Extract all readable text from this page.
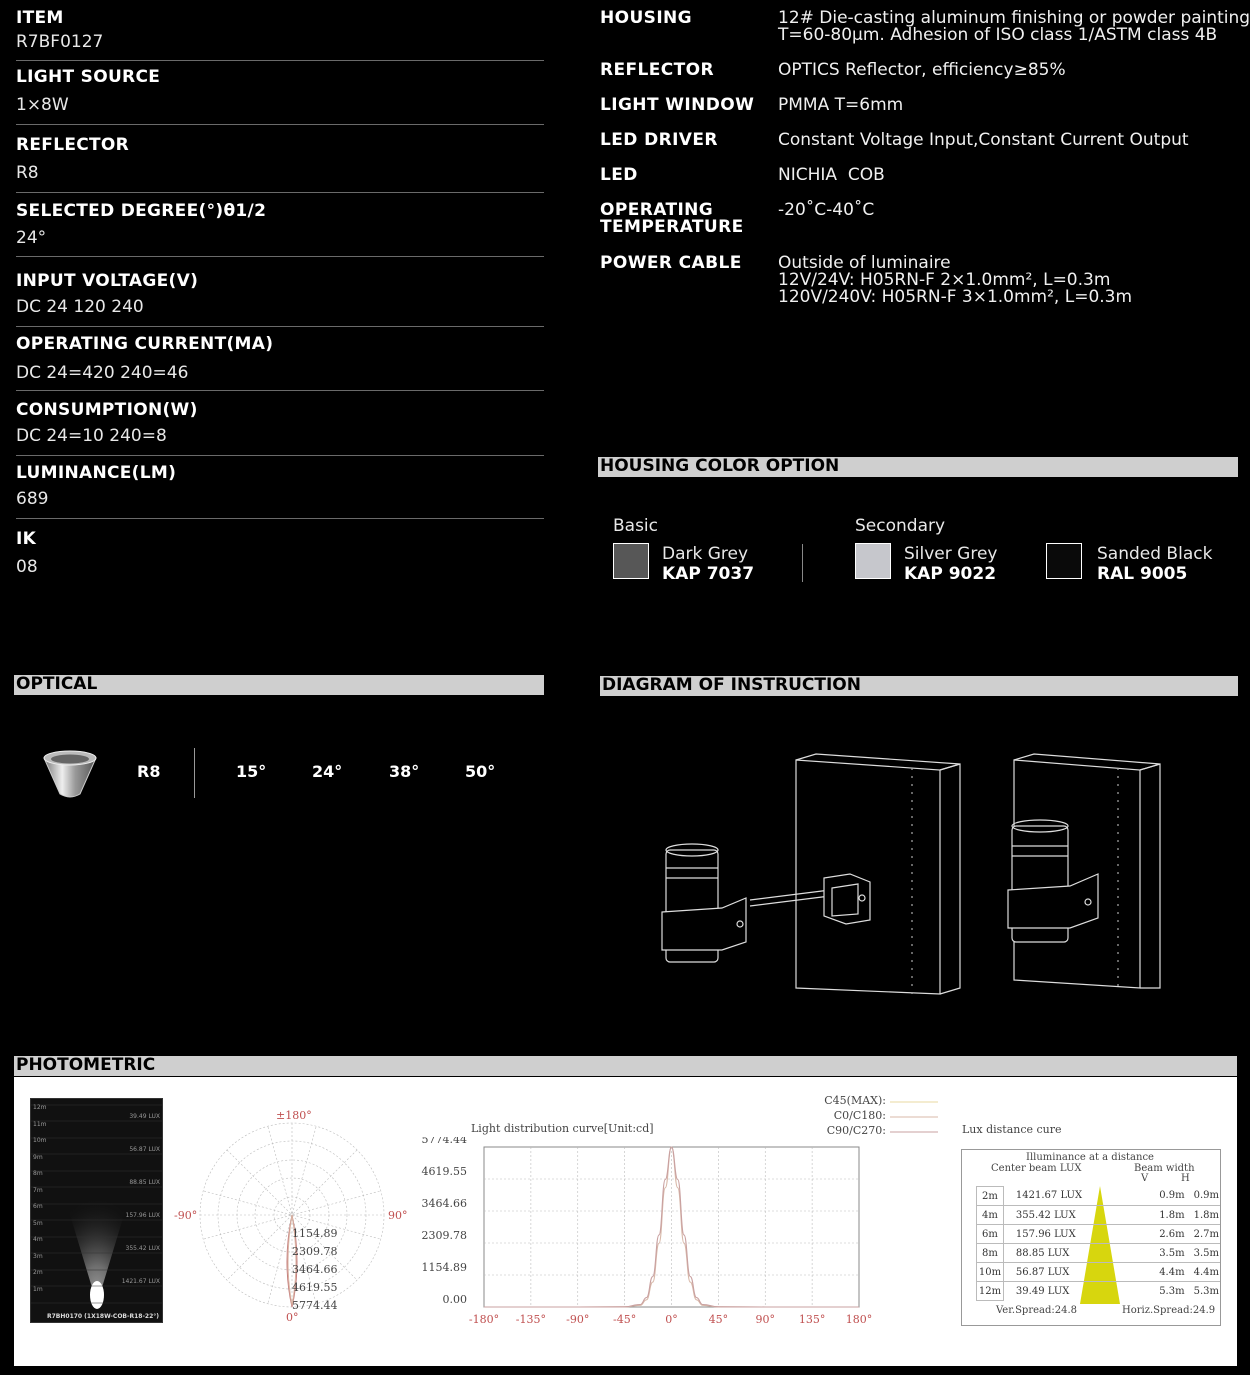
ITEM
R7BF0127
LIGHT SOURCE
1×8W
REFLECTOR
R8
SELECTED DEGREE(°)θ1/2
24°
INPUT VOLTAGE(V)
DC 24 120 240
OPERATING CURRENT(MA)
DC 24=420 240=46
CONSUMPTION(W)
DC 24=10 240=8
LUMINANCE(LM)
689
IK
08
HOUSING	12# Die-casting aluminum finishing or powder painting
T=60-80μm. Adhesion of ISO class 1/ASTM class 4B
REFLECTOR	OPTICS Reflector, efficiency≥85%
LIGHT WINDOW PMMA T=6mm
LED DRIVER	Constant Voltage Input,Constant Current Output
LED	NICHIA  COB
OPERATING
TEMPERATURE
-20˚C-40˚C
POWER CABLE Outside of luminaire
12V/24V: H05RN-F 2×1.0mm², L=0.3m
120V/240V: H05RN-F 3×1.0mm², L=0.3m
HOUSING COLOR OPTION
Basic	Secondary
Dark Grey
KAP 7037
Silver Grey
KAP 9022
Sanded Black
RAL 9005
OPTICAL
R8	15°	24°	38°	50°
DIAGRAM OF INSTRUCTION
PHOTOMETRIC
12m
11m
10m
9m
8m
7m
6m
5m
4m
3m
2m
1m
39.49 LUX
56.87 LUX
88.85 LUX
157.96 LUX
355.42 LUX
1421.67 LUX
R7BH0170 (1X18W-COB-R18-22°)
±180°
-90°	90°
0°
1154.89
2309.78
3464.66
4619.55
5774.44
C45(MAX):
C0/C180:
C90/C270:
Light distribution curve[Unit:cd]
5774.44
4619.55
3464.66
2309.78
1154.89
0.00
-180° -135° -90° -45°	0°	45° 90° 135° 180°
Lux distance cure
Illuminance at a distance
Center beam LUX	Beam width
V	H
2m	1421.67 LUX		0.9m	0.9m
4m	355.42 LUX		1.8m	1.8m
6m	157.96 LUX		2.6m	2.7m
8m	88.85 LUX		3.5m	3.5m
10m	56.87 LUX		4.4m	4.4m
12m	39.49 LUX		5.3m	5.3m
Ver.Spread:24.8	Horiz.Spread:24.9
